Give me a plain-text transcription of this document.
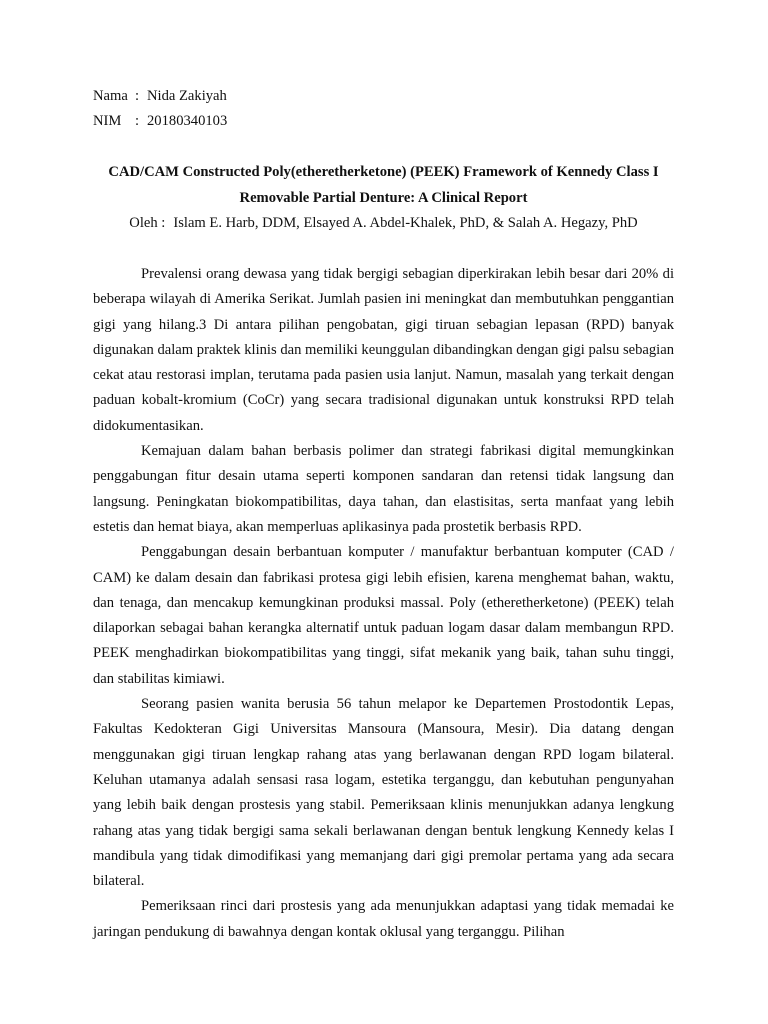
Nama : Nida Zakiyah
NIM : 20180340103
CAD/CAM Constructed Poly(etheretherketone) (PEEK) Framework of Kennedy Class I Removable Partial Denture: A Clinical Report

Oleh : Islam E. Harb, DDM, Elsayed A. Abdel-Khalek, PhD, & Salah A. Hegazy, PhD

Prevalensi orang dewasa yang tidak bergigi sebagian diperkirakan lebih besar dari 20% di beberapa wilayah di Amerika Serikat. Jumlah pasien ini meningkat dan membutuhkan penggantian gigi yang hilang.3 Di antara pilihan pengobatan, gigi tiruan sebagian lepasan (RPD) banyak digunakan dalam praktek klinis dan memiliki keunggulan dibandingkan dengan gigi palsu sebagian cekat atau restorasi implan, terutama pada pasien usia lanjut. Namun, masalah yang terkait dengan paduan kobalt-kromium (CoCr) yang secara tradisional digunakan untuk konstruksi RPD telah didokumentasikan.

Kemajuan dalam bahan berbasis polimer dan strategi fabrikasi digital memungkinkan penggabungan fitur desain utama seperti komponen sandaran dan retensi tidak langsung dan langsung. Peningkatan biokompatibilitas, daya tahan, dan elastisitas, serta manfaat yang lebih estetis dan hemat biaya, akan memperluas aplikasinya pada prostetik berbasis RPD.

Penggabungan desain berbantuan komputer / manufaktur berbantuan komputer (CAD / CAM) ke dalam desain dan fabrikasi protesa gigi lebih efisien, karena menghemat bahan, waktu, dan tenaga, dan mencakup kemungkinan produksi massal. Poly (etheretherketone) (PEEK) telah dilaporkan sebagai bahan kerangka alternatif untuk paduan logam dasar dalam membangun RPD. PEEK menghadirkan biokompatibilitas yang tinggi, sifat mekanik yang baik, tahan suhu tinggi, dan stabilitas kimiawi.

Seorang pasien wanita berusia 56 tahun melapor ke Departemen Prostodontik Lepas, Fakultas Kedokteran Gigi Universitas Mansoura (Mansoura, Mesir). Dia datang dengan menggunakan gigi tiruan lengkap rahang atas yang berlawanan dengan RPD logam bilateral. Keluhan utamanya adalah sensasi rasa logam, estetika terganggu, dan kebutuhan pengunyahan yang lebih baik dengan prostesis yang stabil. Pemeriksaan klinis menunjukkan adanya lengkung rahang atas yang tidak bergigi sama sekali berlawanan dengan bentuk lengkung Kennedy kelas I mandibula yang tidak dimodifikasi yang memanjang dari gigi premolar pertama yang ada secara bilateral.

Pemeriksaan rinci dari prostesis yang ada menunjukkan adaptasi yang tidak memadai ke jaringan pendukung di bawahnya dengan kontak oklusal yang terganggu. Pilihan
